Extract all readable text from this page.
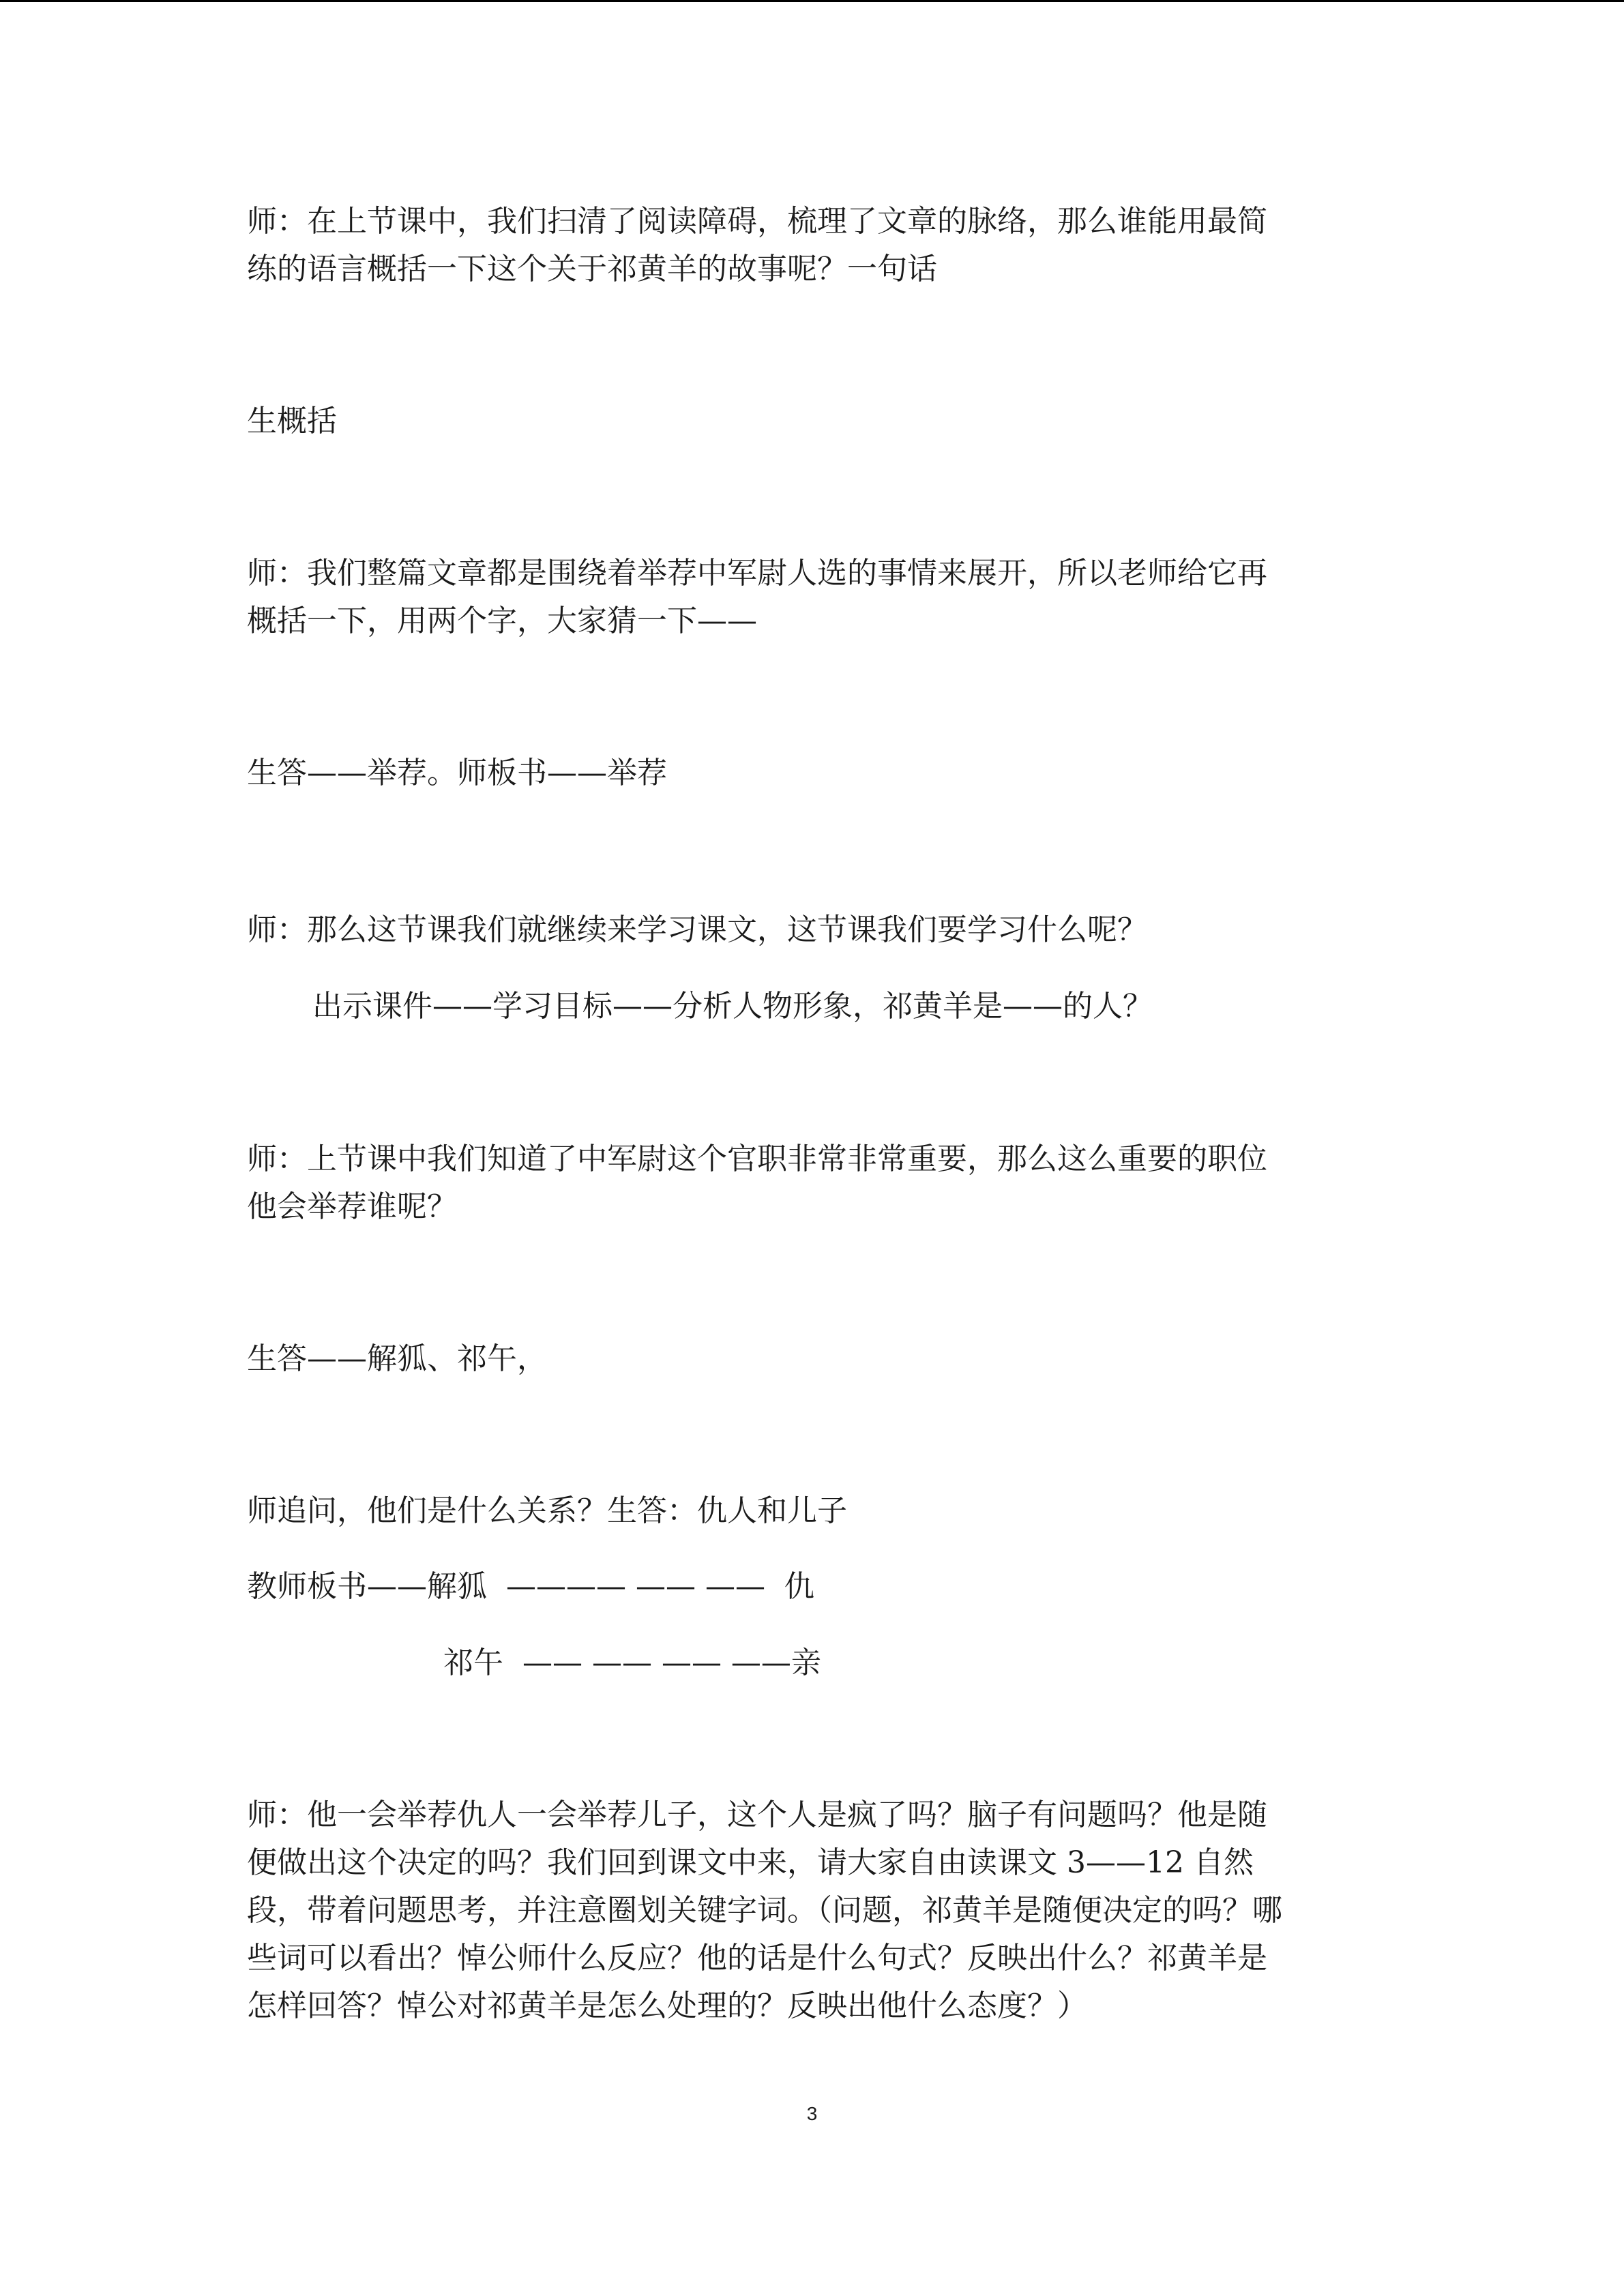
师：在上节课中，我们扫清了阅读障碍，梳理了文章的脉络，那么谁能用最简
练的语言概括一下这个关于祁黄羊的故事呢？一句话
生概括
师：我们整篇文章都是围绕着举荐中军尉人选的事情来展开，所以老师给它再
概括一下，用两个字，大家猜一下——
生答——举荐。师板书——举荐
师：那么这节课我们就继续来学习课文，这节课我们要学习什么呢？
出示课件——学习目标——分析人物形象，祁黄羊是——的人？
师：上节课中我们知道了中军尉这个官职非常非常重要，那么这么重要的职位
他会举荐谁呢？
生答——解狐、祁午，
师追问，他们是什么关系？生答：仇人和儿子
教师板书——解狐  ———— —— ——  仇
祁午  —— —— —— ——亲
师：他一会举荐仇人一会举荐儿子，这个人是疯了吗？脑子有问题吗？他是随
便做出这个决定的吗？我们回到课文中来，请大家自由读课文 3——12 自然
段，带着问题思考，并注意圈划关键字词。（问题，祁黄羊是随便决定的吗？哪
些词可以看出？悼公师什么反应？他的话是什么句式？反映出什么？祁黄羊是
怎样回答？悼公对祁黄羊是怎么处理的？反映出他什么态度？）
3
